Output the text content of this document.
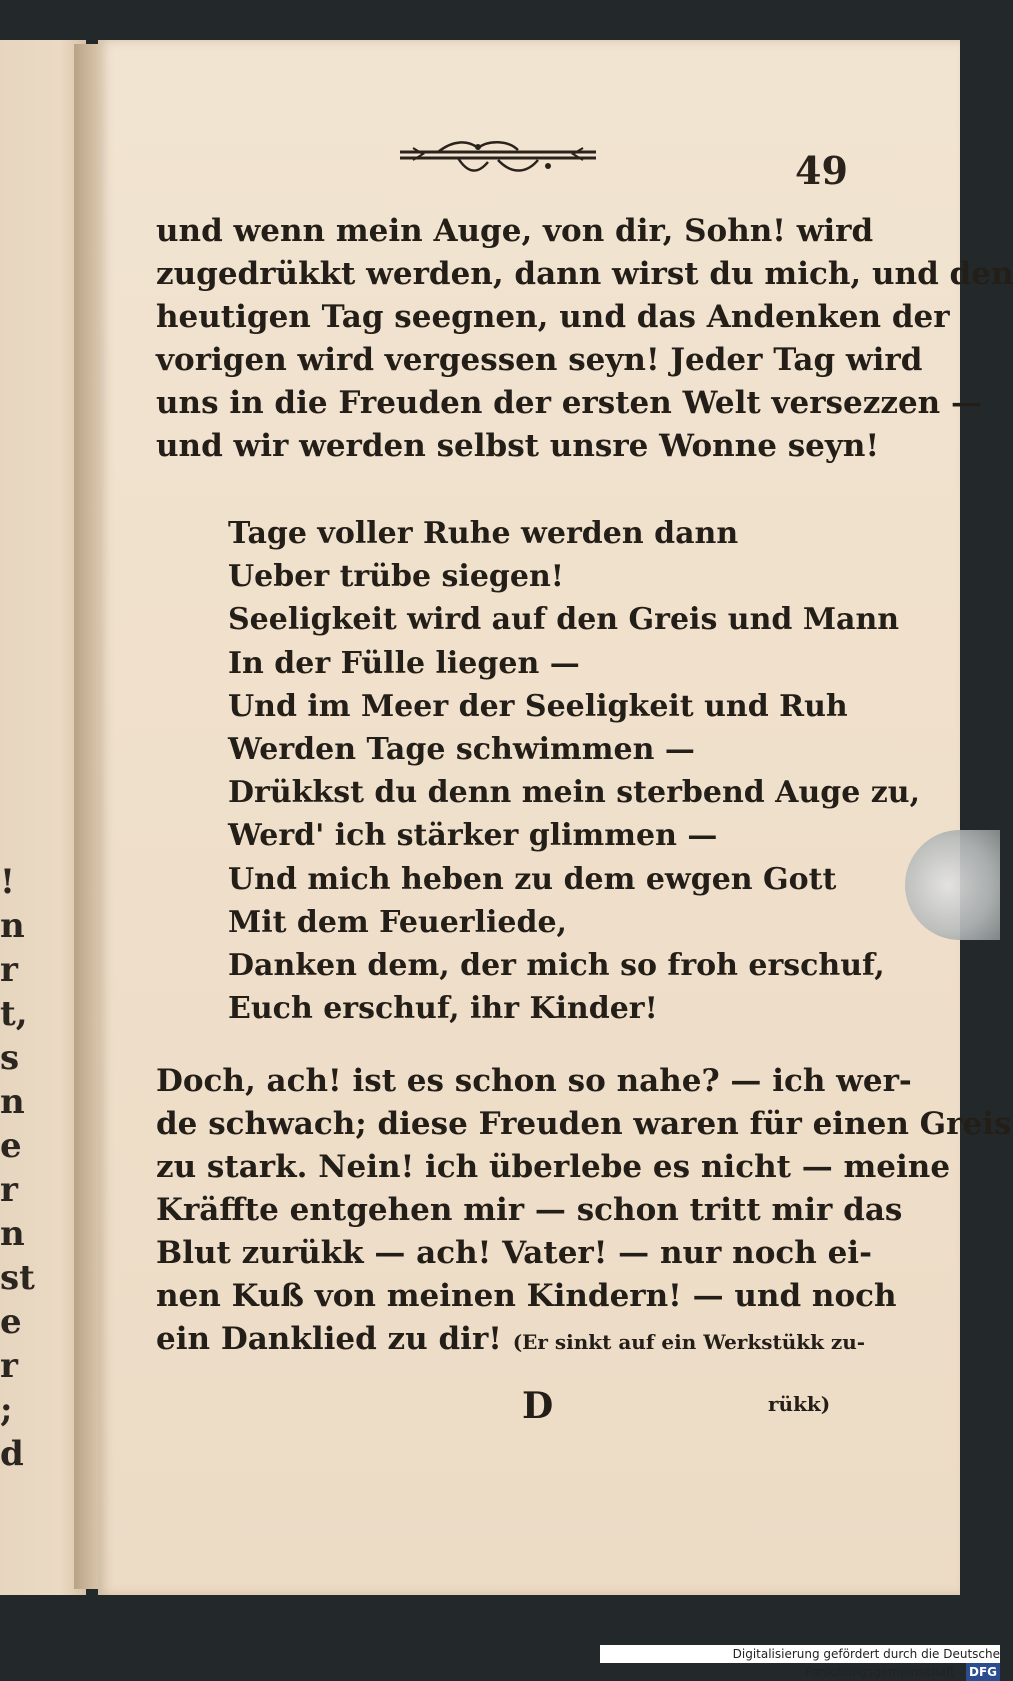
!
n
r
t,
s
n
e
r
n
st
e
r
;
d
49
und wenn mein Auge, von dir, Sohn! wird
zugedrükkt werden, dann wirst du mich, und den
heutigen Tag seegnen, und das Andenken der
vorigen wird vergessen seyn! Jeder Tag wird
uns in die Freuden der ersten Welt versezzen —
und wir werden selbst unsre Wonne seyn!
Tage voller Ruhe werden dann
Ueber trübe siegen!
Seeligkeit wird auf den Greis und Mann
In der Fülle liegen —
Und im Meer der Seeligkeit und Ruh
Werden Tage schwimmen —
Drükkst du denn mein sterbend Auge zu,
Werd' ich stärker glimmen —
Und mich heben zu dem ewgen Gott
Mit dem Feuerliede,
Danken dem, der mich so froh erschuf,
Euch erschuf, ihr Kinder!
Doch, ach! ist es schon so nahe? — ich wer-
de schwach; diese Freuden waren für einen Greis
zu stark. Nein! ich überlebe es nicht — meine
Kräffte entgehen mir — schon tritt mir das
Blut zurükk — ach! Vater! — nur noch ei-
nen Kuß von meinen Kindern! — und noch
ein Danklied zu dir! (Er sinkt auf ein Werkstükk zu-
D	rükk)
Digitalisierung gefördert durch die Deutsche Forschungsgemeinschaft - DFG
